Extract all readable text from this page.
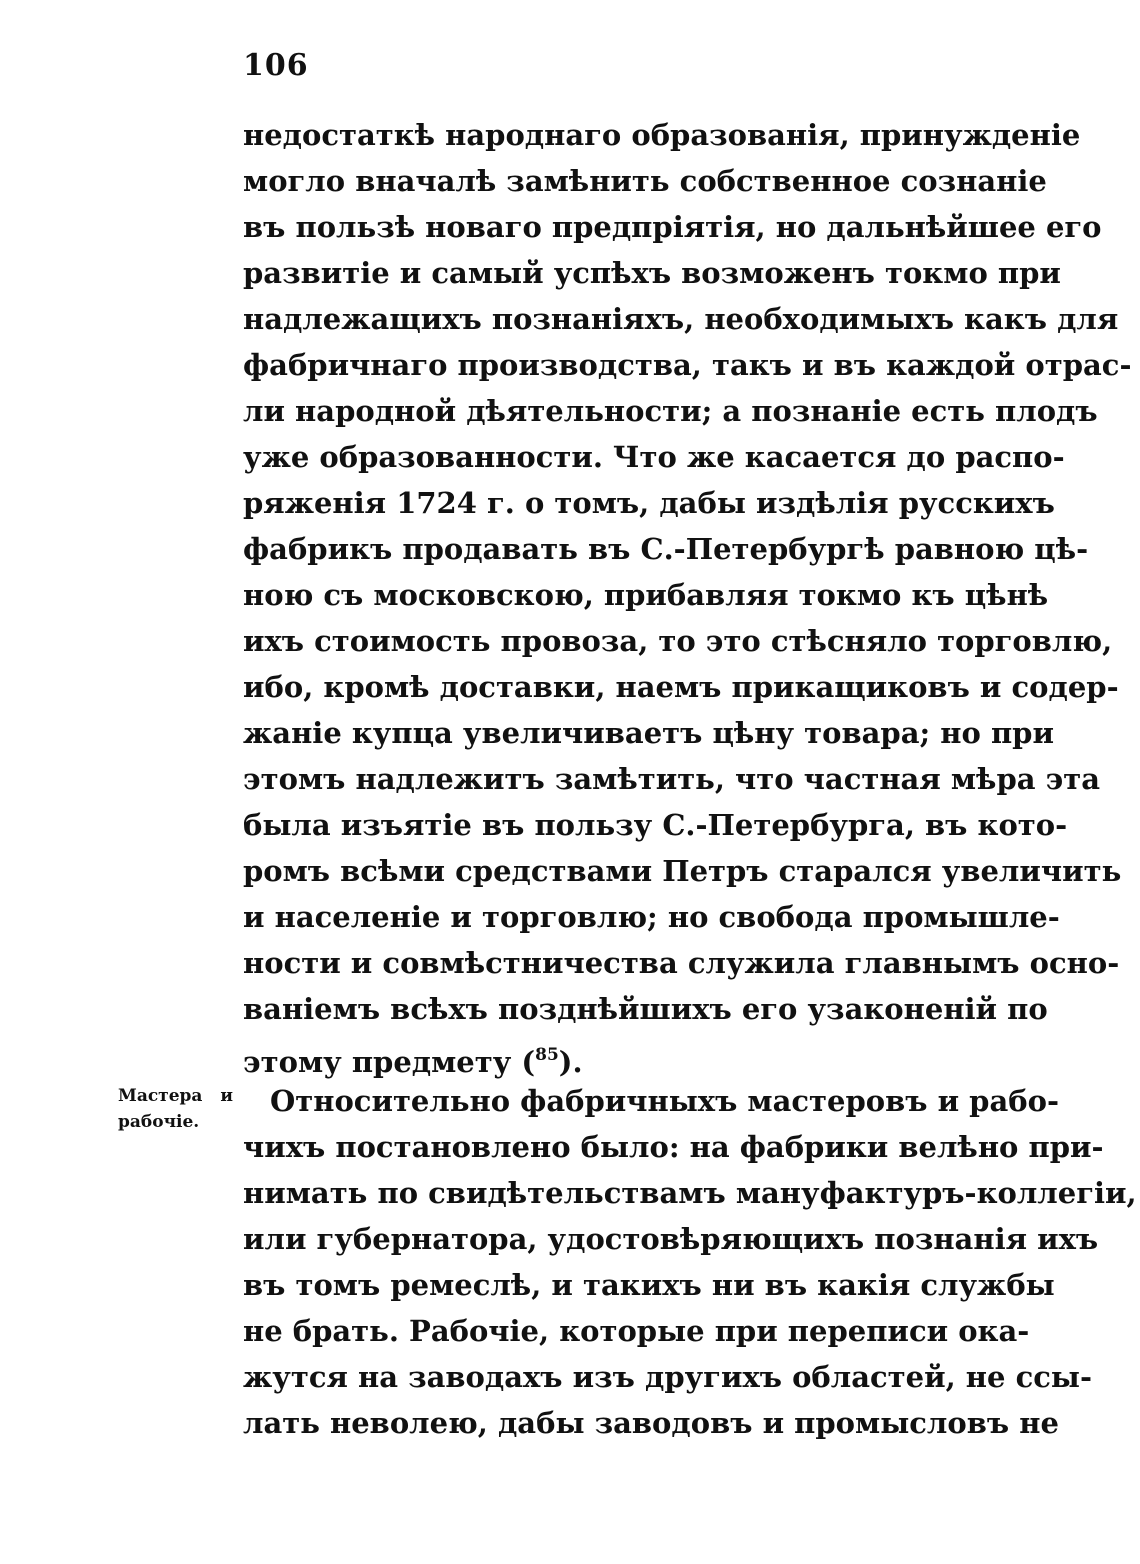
106
недостаткѣ народнаго образованія, принужденіе
могло вначалѣ замѣнить собственное сознаніе
въ пользѣ новаго предпріятія, но дальнѣйшее его
развитіе и самый успѣхъ возможенъ токмо при
надлежащихъ познаніяхъ, необходимыхъ какъ для
фабричнаго производства, такъ и въ каждой отрас-
ли народной дѣятельности; а познаніе есть плодъ
уже образованности. Что же касается до распо-
ряженія 1724 г. о томъ, дабы издѣлія русскихъ
фабрикъ продавать въ С.-Петербургѣ равною цѣ-
ною съ московскою, прибавляя токмо къ цѣнѣ
ихъ стоимость провоза, то это стѣсняло торговлю,
ибо, кромѣ доставки, наемъ прикащиковъ и содер-
жаніе купца увеличиваетъ цѣну товара; но при
этомъ надлежитъ замѣтить, что частная мѣра эта
была изъятіе въ пользу С.-Петербурга, въ кото-
ромъ всѣми средствами Петръ старался увеличить
и населеніе и торговлю; но свобода промышле-
ности и совмѣстничества служила главнымъ осно-
ваніемъ всѣхъ позднѣйшихъ его узаконеній по
этому предмету ($^{85}$).
Мастера и
рабочіе.
Относительно фабричныхъ мастеровъ и рабо-
чихъ постановлено было: на фабрики велѣно при-
нимать по свидѣтельствамъ мануфактуръ-коллегіи,
или губернатора, удостовѣряющихъ познанія ихъ
въ томъ ремеслѣ, и такихъ ни въ какія службы
не брать. Рабочіе, которые при переписи ока-
жутся на заводахъ изъ другихъ областей, не ссы-
лать неволею, дабы заводовъ и промысловъ не
